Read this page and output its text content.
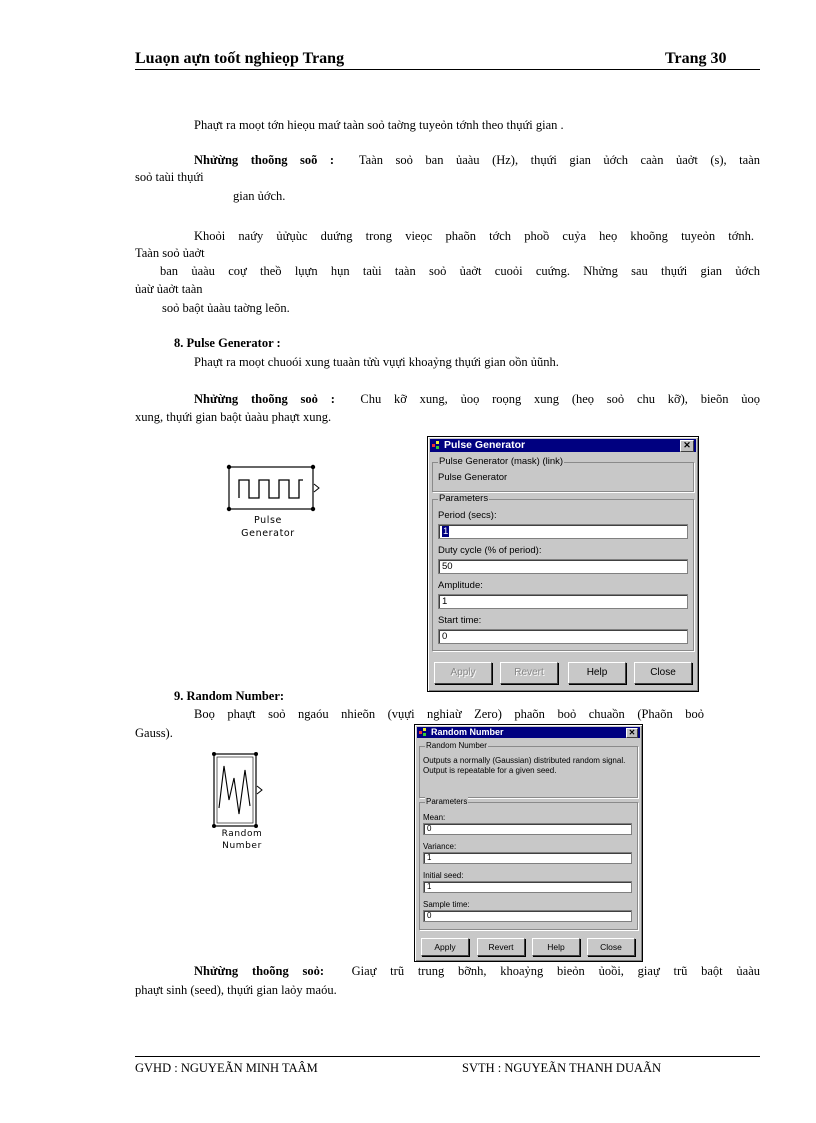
Luaọn aựn toốt nghieọp Trang	Trang 30
Phaựt ra moọt tớn hieọu maứ taàn soỏ taờng tuyeỏn tớnh theo thụứi gian .
Nhửừng thoõng soõ : Taàn soỏ ban ủaàu (Hz), thụứi gian ủớch caàn ủaởt (s), taàn
soỏ taùi thụứi
gian ủớch.
Khoỏi naứy ủửụùc duứng trong vieọc phaõn tớch phoồ cuỷa heọ khoõng tuyeỏn tớnh.
Taàn soỏ ủaởt
ban ủaàu coự theồ lụựn hụn taùi taàn soỏ ủaởt cuoỏi cuứng. Nhửng sau thụứi gian ủớch
ủaừ ủaởt taàn
soỏ baột ủaàu taờng leõn.
8. Pulse Generator :
Phaựt ra moọt chuoói xung tuaàn tửù vụựi khoaỷng thụứi gian oồn ủũnh.
Nhửừng thoõng soỏ : Chu kỡ xung, ủoọ roọng xung (heọ soỏ chu kỡ), bieõn ủoọ
xung, thụứi gian baột ủaàu phaựt xung.
Pulse
Generator
Pulse Generator	✕
Pulse Generator (mask) (link)
Pulse Generator
Parameters
Period (secs):
1
Duty cycle (% of period):
50
Amplitude:
1
Start time:
0
Apply	Revert	Help	Close
9. Random Number:
Boọ phaựt soỏ ngaóu nhieõn (vụựi nghiaừ Zero) phaõn boỏ chuaồn (Phaõn boỏ
Gauss).
Random
Number
Random Number	✕
Random Number
Outputs a normally (Gaussian) distributed random signal.
Output is repeatable for a given seed.
Parameters
Mean:
0
Variance:
1
Initial seed:
1
Sample time:
0
Apply	Revert	Help	Close
Nhửừng thoõng soỏ: Giaự trũ trung bỡnh, khoaỷng bieỏn ủoồi, giaự trũ baột ủaàu
phaựt sinh (seed), thụứi gian laỏy maóu.
GVHD : NGUYEÃN MINH TAÂM	SVTH : NGUYEÃN THANH DUAÃN
